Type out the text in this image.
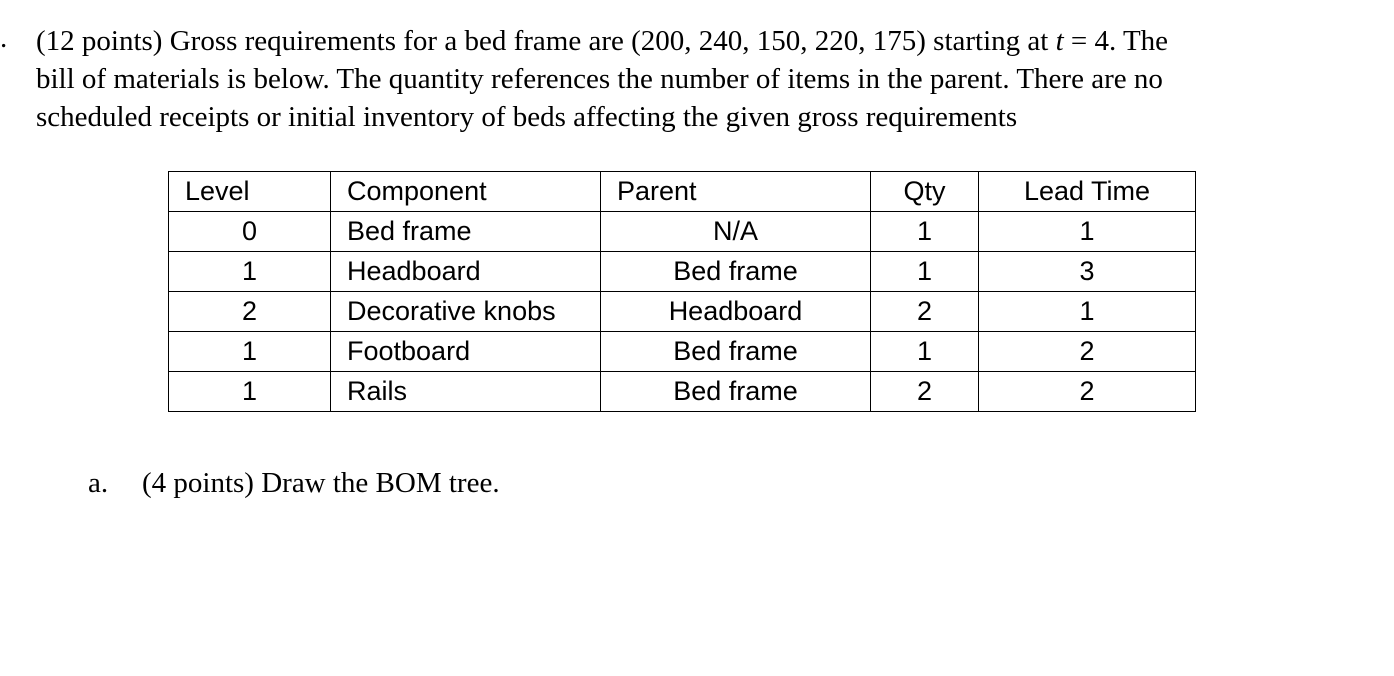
. (12 points) Gross requirements for a bed frame are (200, 240, 150, 220, 175) starting at t = 4. The
bill of materials is below. The quantity references the number of items in the parent. There are no
scheduled receipts or initial inventory of beds affecting the given gross requirements

Level	Component	Parent	Qty	Lead Time
0	Bed frame	N/A	1	1
1	Headboard	Bed frame	1	3
2	Decorative knobs	Headboard	2	1
1	Footboard	Bed frame	1	2
1	Rails	Bed frame	2	2
a. (4 points) Draw the BOM tree.
